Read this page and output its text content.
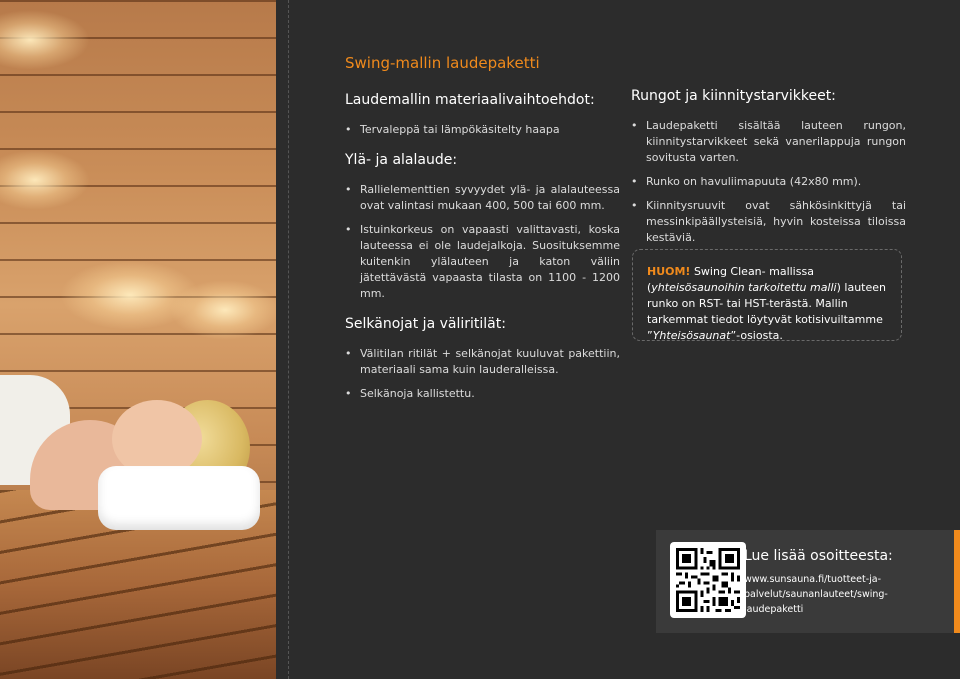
Swing-mallin laudepaketti
Laudemallin materiaalivaihtoehdot:
• Tervaleppä tai lämpökäsitelty haapa
Ylä- ja alalaude:
• Rallielementtien syvyydet ylä- ja alalauteessa ovat valintasi mukaan 400, 500 tai 600 mm.
• Istuinkorkeus on vapaasti valittavasti, koska lauteessa ei ole laudejalkoja. Suosituksemme kuitenkin ylälauteen ja katon väliin jätettävästä vapaasta tilasta on 1100 - 1200 mm.
Selkänojat ja väliritilät:
• Välitilan ritilät + selkänojat kuuluvat pakettiin, materiaali sama kuin lauderalleissa.
• Selkänoja kallistettu.
Rungot ja kiinnitystarvikkeet:
• Laudepaketti sisältää lauteen rungon, kiinnitystarvikkeet sekä vanerilappuja rungon sovitusta varten.
• Runko on havuliimapuuta (42x80 mm).
• Kiinnitysruuvit ovat sähkösinkittyjä tai messinkipäällysteisiä, hyvin kosteissa tiloissa kestäviä.
HUOM! Swing Clean- mallissa (yhteisösaunoihin tarkoitettu malli) lauteen runko on RST- tai HST-terästä. Mallin tarkemmat tiedot löytyvät kotisivuiltamme ”Yhteisösaunat”-osiosta.
Lue lisää osoitteesta:
www.sunsauna.fi/tuotteet-ja-palvelut/saunanlauteet/swing-laudepaketti
